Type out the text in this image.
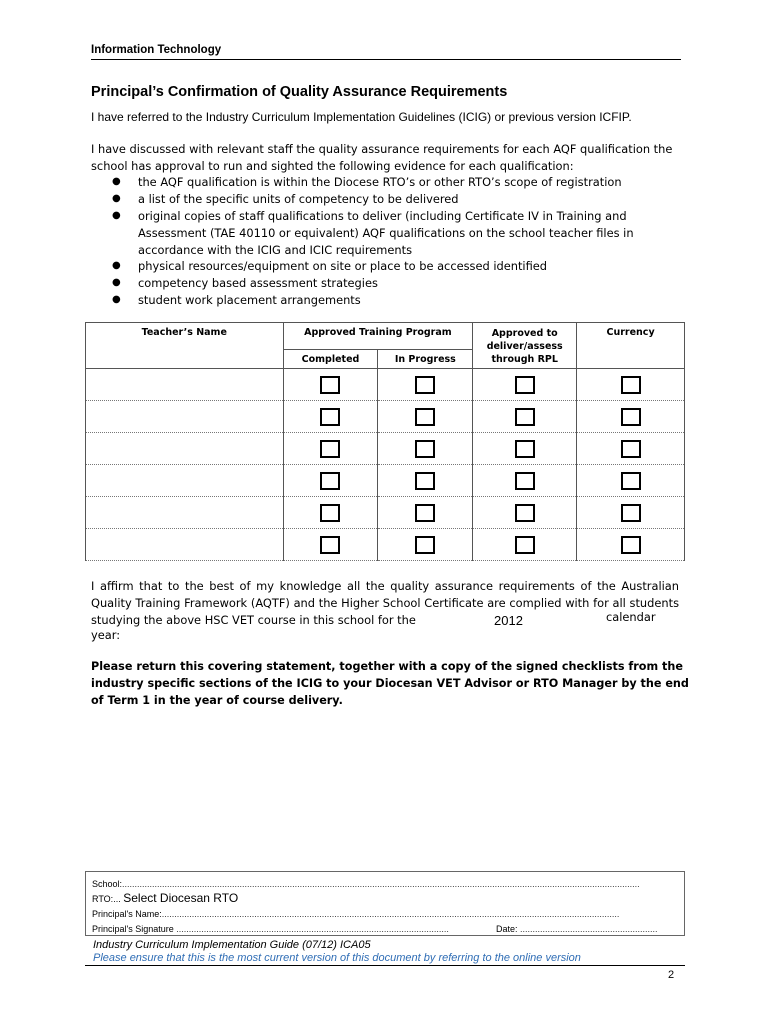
Information Technology
Principal’s Confirmation of Quality Assurance Requirements
I have referred to the Industry Curriculum Implementation Guidelines (ICIG) or previous version ICFIP.
I have discussed with relevant staff the quality assurance requirements for each AQF qualification the
school has approval to run and sighted the following evidence for each qualification:
● the AQF qualification is within the Diocese RTO’s or other RTO’s scope of registration
● a list of the specific units of competency to be delivered
● original copies of staff qualifications to deliver (including Certificate IV in Training and Assessment (TAE 40110 or equivalent) AQF qualifications on the school teacher files in accordance with the ICIG and ICIC requirements
● physical resources/equipment on site or place to be accessed identified
● competency based assessment strategies
● student work placement arrangements
Teacher’s Name	Approved Training Program		Approved to deliver/assess through RPL	Currency
	Completed	In Progress		

I affirm that to the best of my knowledge all the quality assurance requirements of the Australian Quality Training Framework (AQTF) and the Higher School Certificate are complied with for all students studying the above HSC VET course in this school for the	2012	calendar
year:
Please return this covering statement, together with a copy of the signed checklists from the industry specific sections of the ICIG to your Diocesan VET Advisor or RTO Manager by the end of Term 1 in the year of course delivery.
School:...............................................................................................................................................................................................................
RTO:... Select Diocesan RTO
Principal's Name:.......................................................................................................................................................................................
Principal's Signature .............................................................................................................	Date: .......................................................
Industry Curriculum Implementation Guide (07/12) ICA05
Please ensure that this is the most current version of this document by referring to the online version
2
